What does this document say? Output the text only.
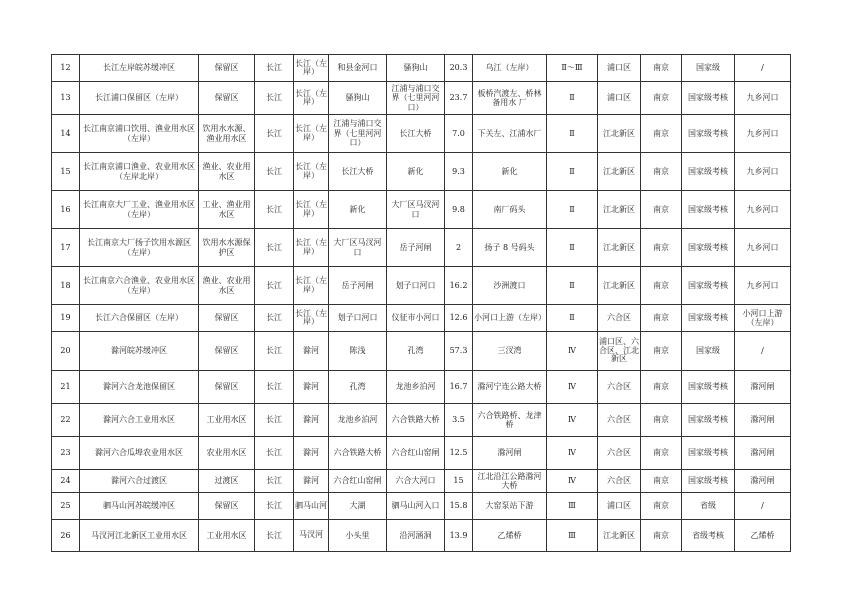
12	长江左岸皖苏缓冲区	保留区	长江	长江（左岸）	和县金河口	骚狗山	20.3	乌江（左岸）	Ⅱ～Ⅲ	浦口区	南京	国家级	/
13	长江浦口保留区（左岸）	保留区	长江	长江（左岸）	骚狗山	江浦与浦口交界（七里河河口）	23.7	板桥汽渡左、桥林备用水 厂	Ⅱ	浦口区	南京	国家级考核	九乡河口
14	长江南京浦口饮用、渔业用水区（左岸）	饮用水水源、渔业用水区	长江	长江（左岸）	江浦与浦口交界（七里河河口）	长江大桥	7.0	下关左、江浦水厂	Ⅱ	江北新区	南京	国家级考核	九乡河口
15	长江南京浦口渔业、农业用水区（左岸北岸）	渔业、农业用水区	长江	长江（左岸）	长江大桥	新化	9.3	新化	Ⅱ	江北新区	南京	国家级考核	九乡河口
16	长江南京大厂工业、渔业用水区（左岸）	工业、渔业用水区	长江	长江（左岸）	新化	大厂区马汊河口	9.8	南厂码头	Ⅱ	江北新区	南京	国家级考核	九乡河口
17	长江南京大厂扬子饮用水源区（左岸）	饮用水水源保护区	长江	长江（左岸）	大厂区马汊河口	岳子河闸	2	扬子 8 号码头	Ⅱ	江北新区	南京	国家级考核	九乡河口
18	长江南京六合渔业、农业用水区（左岸）	渔业、农业用水区	长江	长江（左岸）	岳子河闸	划子口河口	16.2	沙洲渡口	Ⅱ	江北新区	南京	国家级考核	九乡河口
19	长江六合保留区（左岸）	保留区	长江	长江（左岸）	划子口河口	仪征市小河口	12.6	小河口上游（左岸）	Ⅱ	六合区	南京	国家级考核	小河口上游（左岸）
20	滁河皖苏缓冲区	保留区	长江	滁河	陈浅	孔湾	57.3	三汊湾	Ⅳ	浦口区、六合区、江北新区	南京	国家级	/
21	滁河六合龙池保留区	保留区	长江	滁河	孔湾	龙池乡泊河	16.7	滁河宁连公路大桥	Ⅳ	六合区	南京	国家级考核	滁河闸
22	滁河六合工业用水区	工业用水区	长江	滁河	龙池乡泊河	六合铁路大桥	3.5	六合铁路桥、龙津桥	Ⅳ	六合区	南京	国家级考核	滁河闸
23	滁河六合瓜埠农业用水区	农业用水区	长江	滁河	六合铁路大桥	六合红山窑闸	12.5	滁河闸	Ⅳ	六合区	南京	国家级考核	滁河闸
24	滁河六合过渡区	过渡区	长江	滁河	六合红山窑闸	六合大河口	15	江北沿江公路滁河大桥	Ⅳ	六合区	南京	国家级考核	滁河闸
25	驷马山河苏皖缓冲区	保留区	长江	驷马山河	大湖	驷马山河入口	15.8	大窑泵站下游	Ⅲ	浦口区	南京	省级	/
26	马汊河江北新区工业用水区	工业用水区	长江	马汊河	小头里	沿河涵洞	13.9	乙烯桥	Ⅲ	江北新区	南京	省级考核	乙烯桥
